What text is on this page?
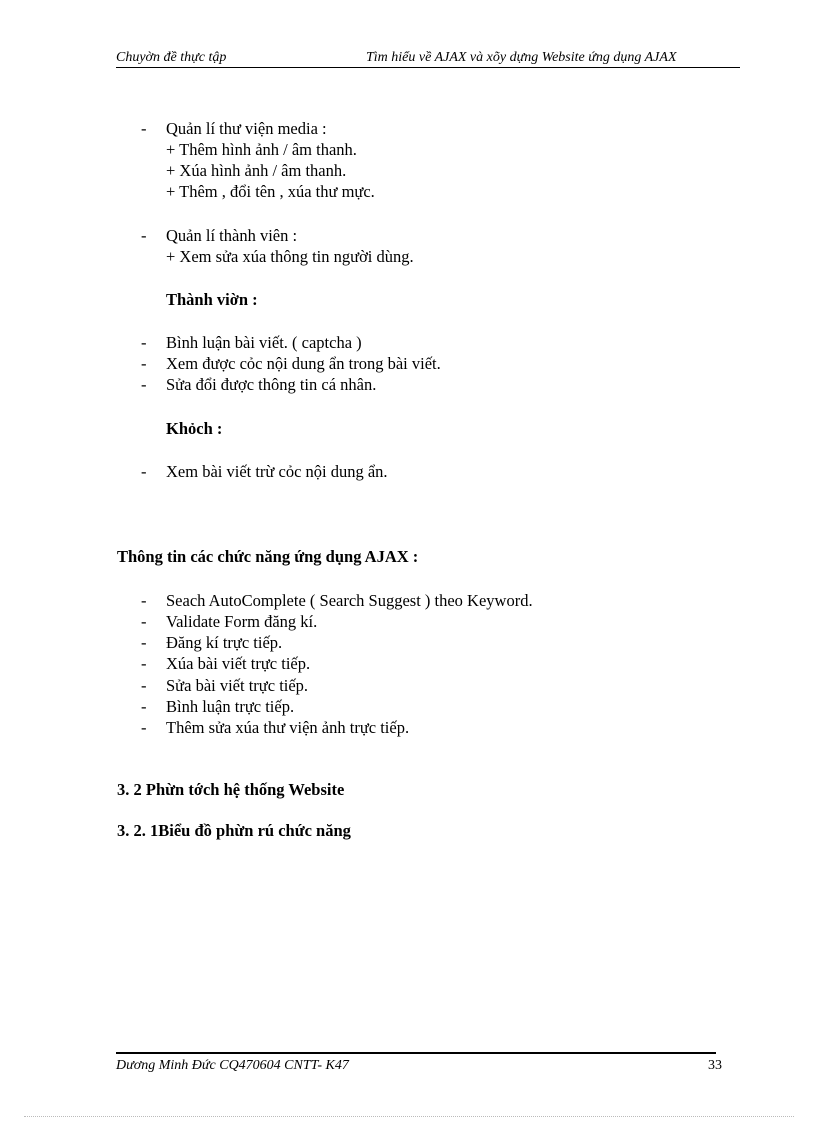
Chuyờn đề thực tập	Tìm hiểu về AJAX và xõy dựng Website ứng dụng AJAX
- Quản lí thư viện media :
+ Thêm hình ảnh / âm thanh.
+ Xúa hình ảnh / âm thanh.
+ Thêm , đổi tên , xúa thư mực.
- Quản lí thành viên :
+ Xem sửa xúa thông tin người dùng.
Thành viờn :
- Bình luận bài viết. ( captcha )
- Xem được cỏc nội dung ẩn trong bài viết.
- Sửa đổi được thông tin cá nhân.
Khỏch :
- Xem bài viết trừ cỏc nội dung ẩn.
Thông tin các chức năng ứng dụng AJAX :
- Seach AutoComplete ( Search Suggest ) theo Keyword.
- Validate Form đăng kí.
- Đăng kí trực tiếp.
- Xúa bài viết trực tiếp.
- Sửa bài viết trực tiếp.
- Bình luận trực tiếp.
- Thêm sửa xúa thư viện ảnh trực tiếp.
3. 2 Phừn tớch hệ thống Website
3. 2. 1Biểu đồ phừn rú chức năng
Dương Minh Đức CQ470604 CNTT- K47	33
